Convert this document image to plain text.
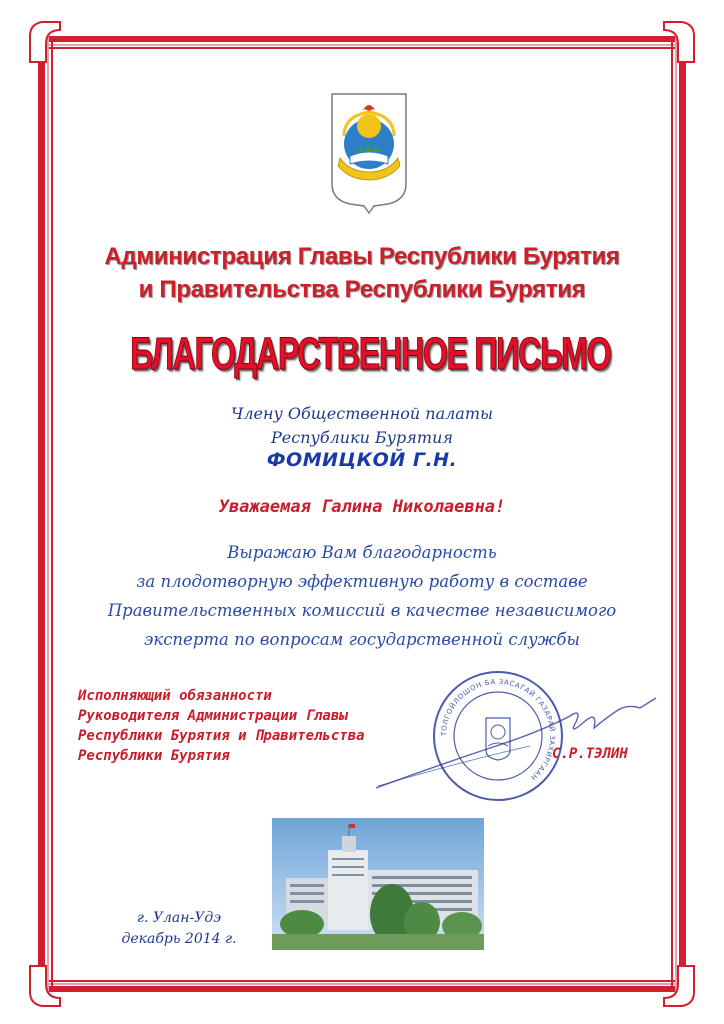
Администрация Главы Республики Бурятия
и Правительства Республики Бурятия
БЛАГОДАРСТВЕННОЕ ПИСЬМО
Члену Общественной палаты
Республики Бурятия
ФОМИЦКОЙ Г.Н.
Уважаемая Галина Николаевна!
Выражаю Вам благодарность
за плодотворную эффективную работу в составе
Правительственных комиссий в качестве независимого
эксперта по вопросам государственной службы
ТОЛГОЙЛОШОН БА ЗАСАГАЙ ГАЗАРАЙ ЗАХИРГААН
Исполняющий обязанности
Руководителя Администрации Главы
Республики Бурятия и Правительства
Республики Бурятия	С.Р.ТЭЛИН
г. Улан-Удэ
декабрь 2014 г.
